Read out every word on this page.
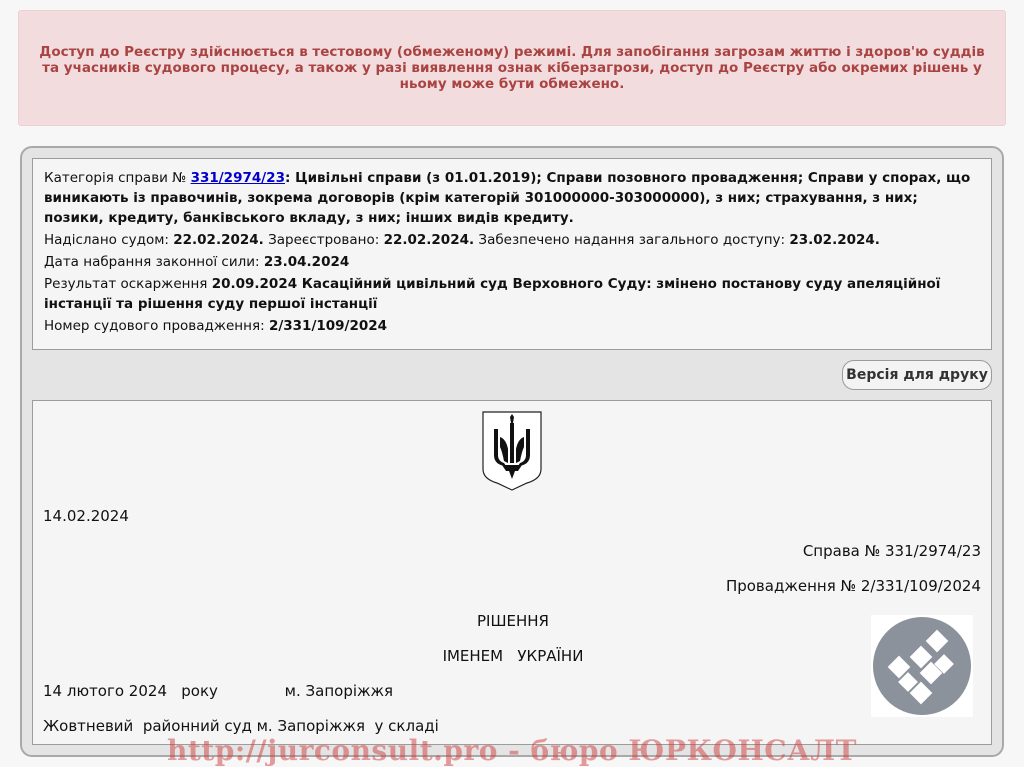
Доступ до Реєстру здійснюється в тестовому (обмеженому) режимі. Для запобігання загрозам життю і здоров'ю суддів та учасників судового процесу, а також у разі виявлення ознак кіберзагрози, доступ до Реєстру або окремих рішень у ньому може бути обмежено.

Категорія справи № 331/2974/23: Цивільні справи (з 01.01.2019); Справи позовного провадження; Справи у спорах, що виникають із правочинів, зокрема договорів (крім категорій 301000000-303000000), з них; страхування, з них; позики, кредиту, банківського вкладу, з них; інших видів кредиту.
Надіслано судом: 22.02.2024. Зареєстровано: 22.02.2024. Забезпечено надання загального доступу: 23.02.2024.
Дата набрання законної сили: 23.04.2024
Результат оскарження 20.09.2024 Касаційний цивільний суд Верховного Суду: змінено постанову суду апеляційної інстанції та рішення суду першої інстанції
Номер судового провадження: 2/331/109/2024
Версія для друку
14.02.2024
Справа № 331/2974/23
Провадження № 2/331/109/2024
РІШЕННЯ
ІМЕНЕМ   УКРАЇНИ
14 лютого 2024   року              м. Запоріжжя
Жовтневий  районний суд м. Запоріжжя  у складі
http://jurconsult.pro - бюро ЮРКОНСАЛТ
